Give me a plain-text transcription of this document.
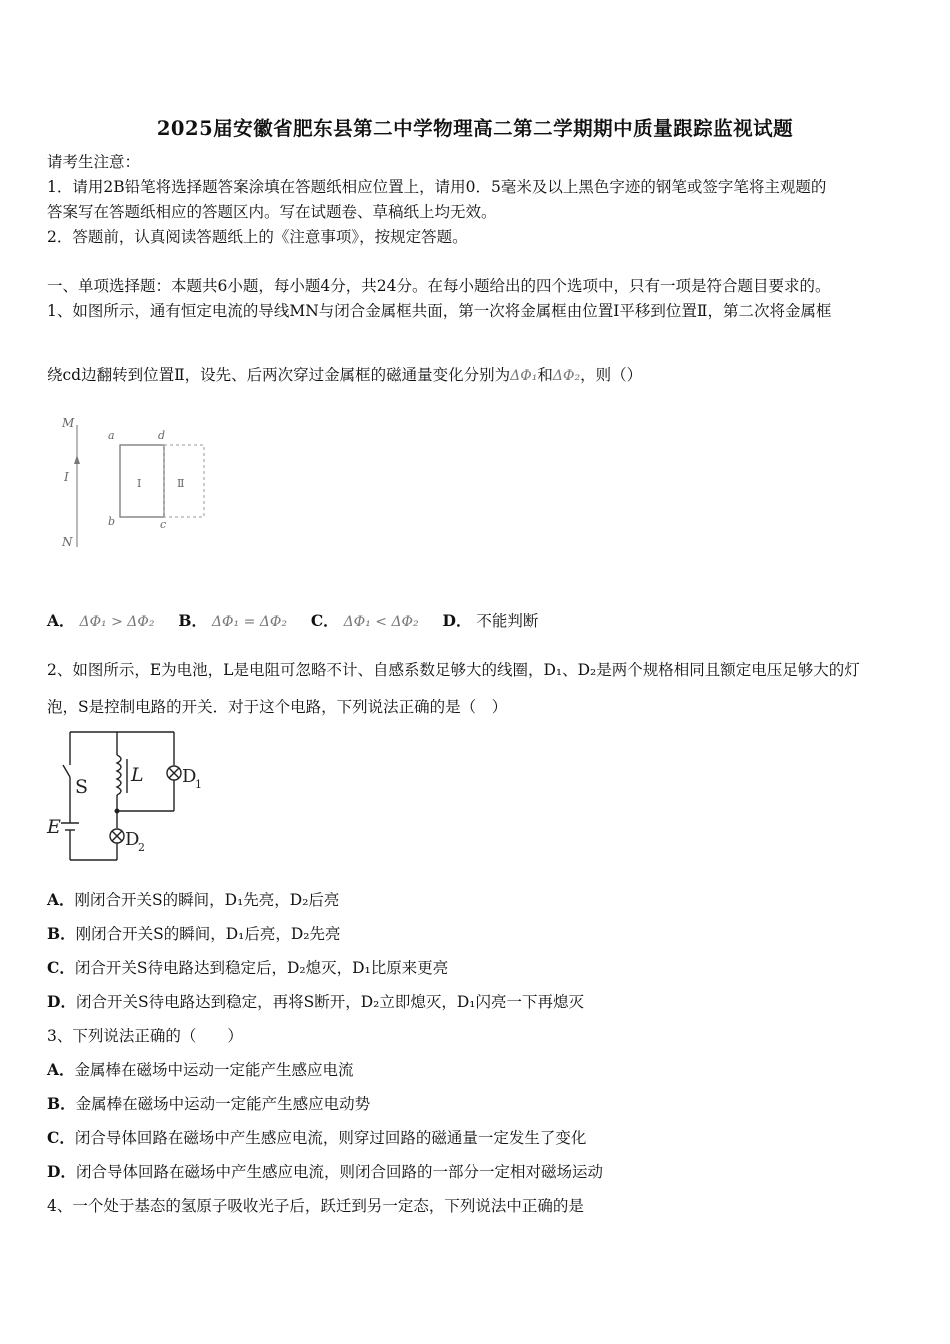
2025届安徽省肥东县第二中学物理高二第二学期期中质量跟踪监视试题
请考生注意：
1．请用2B铅笔将选择题答案涂填在答题纸相应位置上，请用0．5毫米及以上黑色字迹的钢笔或签字笔将主观题的
答案写在答题纸相应的答题区内。写在试题卷、草稿纸上均无效。
2．答题前，认真阅读答题纸上的《注意事项》，按规定答题。
一、单项选择题：本题共6小题，每小题4分，共24分。在每小题给出的四个选项中，只有一项是符合题目要求的。
1、如图所示，通有恒定电流的导线MN与闭合金属框共面，第一次将金属框由位置Ⅰ平移到位置Ⅱ，第二次将金属框
绕cd边翻转到位置Ⅱ，设先、后两次穿过金属框的磁通量变化分别为ΔΦ₁和ΔΦ₂，则（）
M
I
N
a	d
b	c
Ⅰ	Ⅱ
A． ΔΦ₁ > ΔΦ₂ B． ΔΦ₁ = ΔΦ₂ C． ΔΦ₁ < ΔΦ₂ D． 不能判断
2、如图所示，E为电池，L是电阻可忽略不计、自感系数足够大的线圈，D₁、D₂是两个规格相同且额定电压足够大的灯
泡，S是控制电路的开关．对于这个电路，下列说法正确的是（　）
S
L
E
D
1
D
2
A．刚闭合开关S的瞬间，D₁先亮，D₂后亮
B．刚闭合开关S的瞬间，D₁后亮，D₂先亮
C．闭合开关S待电路达到稳定后，D₂熄灭，D₁比原来更亮
D．闭合开关S待电路达到稳定，再将S断开，D₂立即熄灭，D₁闪亮一下再熄灭
3、下列说法正确的（　　）
A．金属棒在磁场中运动一定能产生感应电流
B．金属棒在磁场中运动一定能产生感应电动势
C．闭合导体回路在磁场中产生感应电流，则穿过回路的磁通量一定发生了变化
D．闭合导体回路在磁场中产生感应电流，则闭合回路的一部分一定相对磁场运动
4、一个处于基态的氢原子吸收光子后，跃迁到另一定态，下列说法中正确的是
